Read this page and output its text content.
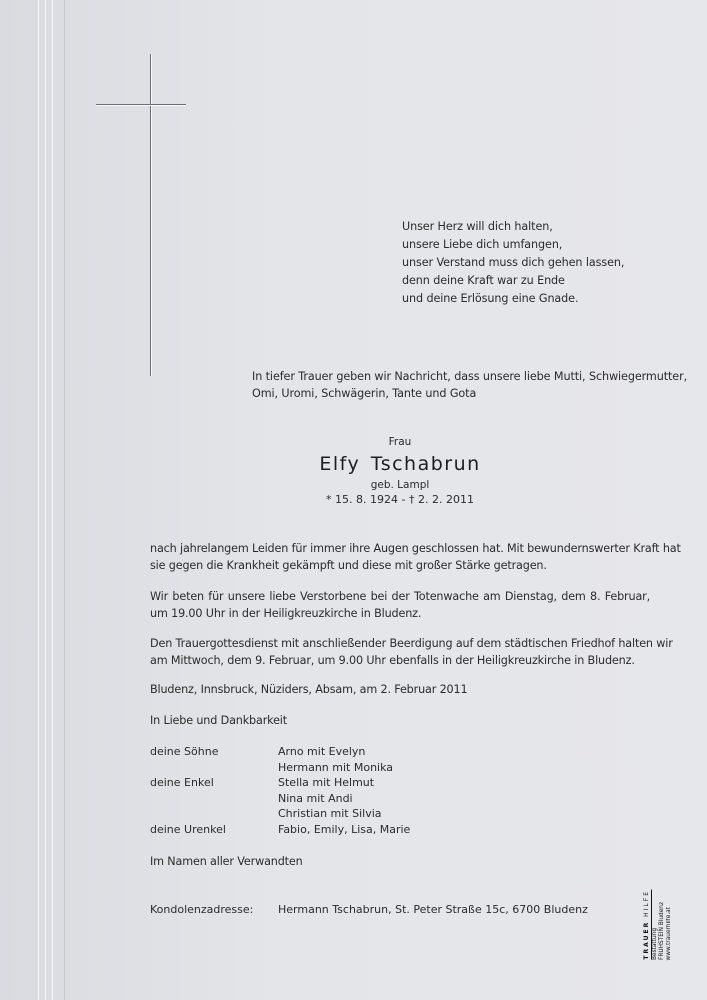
Unser Herz will dich halten,
unsere Liebe dich umfangen,
unser Verstand muss dich gehen lassen,
denn deine Kraft war zu Ende
und deine Erlösung eine Gnade.
In tiefer Trauer geben wir Nachricht, dass unsere liebe Mutti, Schwiegermutter,
Omi, Uromi, Schwägerin, Tante und Gota
Frau
Elfy Tschabrun
geb. Lampl
* 15. 8. 1924 - † 2. 2. 2011
nach jahrelangem Leiden für immer ihre Augen geschlossen hat. Mit bewundernswerter Kraft hat
sie gegen die Krankheit gekämpft und diese mit großer Stärke getragen.
Wir beten für unsere liebe Verstorbene bei der Totenwache am Dienstag, dem 8. Februar,
um 19.00 Uhr in der Heiligkreuzkirche in Bludenz.
Den Trauergottesdienst mit anschließender Beerdigung auf dem städtischen Friedhof halten wir
am Mittwoch, dem 9. Februar, um 9.00 Uhr ebenfalls in der Heiligkreuzkirche in Bludenz.
Bludenz, Innsbruck, Nüziders, Absam, am 2. Februar 2011
In Liebe und Dankbarkeit
deine Söhne	Arno mit Evelyn
Hermann mit Monika
deine Enkel	Stella mit Helmut
Nina mit Andi
Christian mit Silvia
deine Urenkel	Fabio, Emily, Lisa, Marie
Im Namen aller Verwandten
Kondolenzadresse: Hermann Tschabrun, St. Peter Straße 15c, 6700 Bludenz	www.trauerhilfe.at
FRÜHSTEIN Bludenz
Bestattung
TRAUER HILFE
